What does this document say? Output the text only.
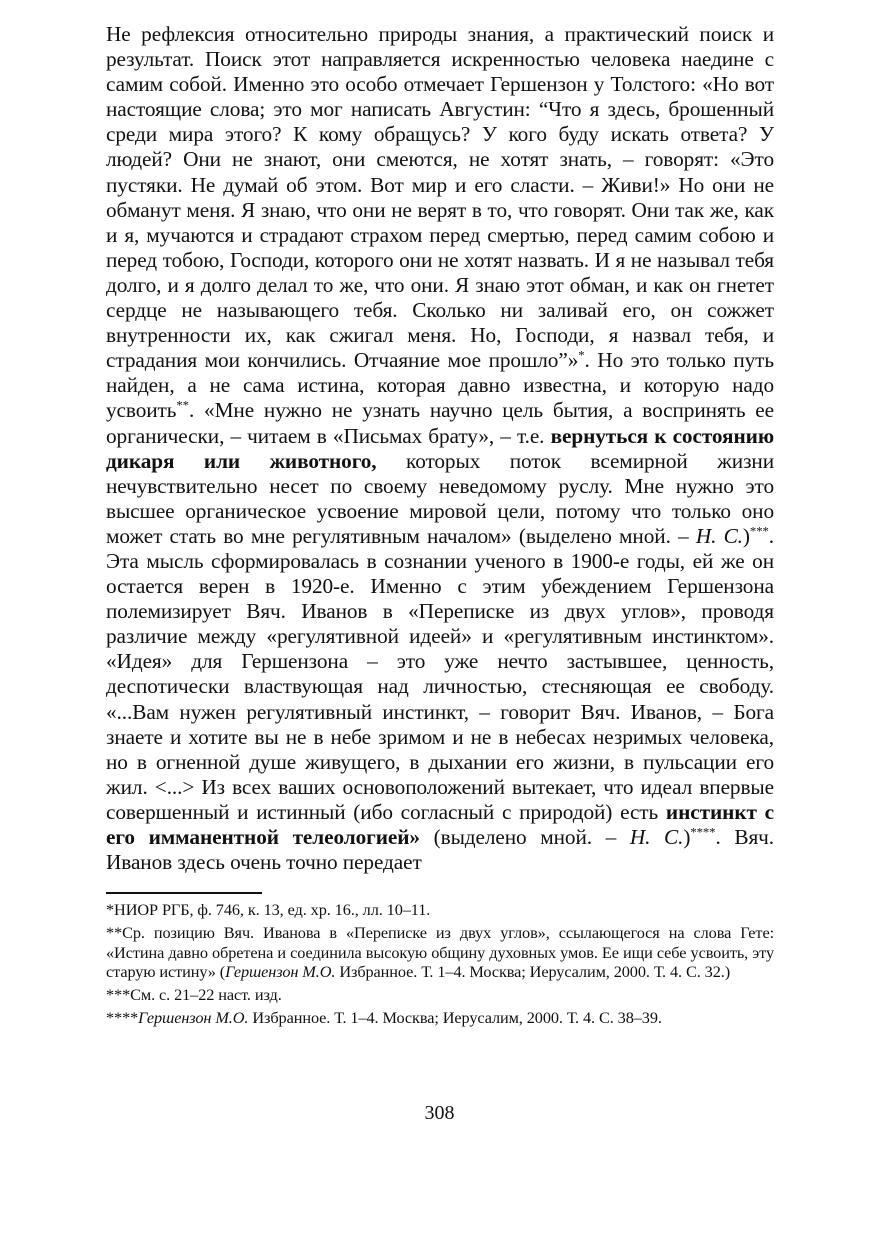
Не рефлексия относительно природы знания, а практический поиск и результат. Поиск этот направляется искренностью человека наедине с самим собой. Именно это особо отмечает Гершензон у Толстого: «Но вот настоящие слова; это мог написать Августин: “Что я здесь, брошенный среди мира этого? К кому обращусь? У кого буду искать ответа? У людей? Они не знают, они смеются, не хотят знать, – говорят: «Это пустяки. Не думай об этом. Вот мир и его сласти. – Живи!» Но они не обманут меня. Я знаю, что они не верят в то, что говорят. Они так же, как и я, мучаются и страдают страхом перед смертью, перед самим собою и перед тобою, Господи, которого они не хотят назвать. И я не называл тебя долго, и я долго делал то же, что они. Я знаю этот обман, и как он гнетет сердце не называющего тебя. Сколько ни заливай его, он сожжет внутренности их, как сжигал меня. Но, Господи, я назвал тебя, и страдания мои кончились. Отчаяние мое прошло”»*. Но это только путь найден, а не сама истина, которая давно известна, и которую надо усвоить**. «Мне нужно не узнать научно цель бытия, а воспринять ее органически, – читаем в «Письмах брату», – т.е. вернуться к состоянию дикаря или животного, которых поток всемирной жизни нечувствительно несет по своему неведомому руслу. Мне нужно это высшее органическое усвоение мировой цели, потому что только оно может стать во мне регулятивным началом» (выделено мной. – Н. С.)***. Эта мысль сформировалась в сознании ученого в 1900-е годы, ей же он остается верен в 1920-е. Именно с этим убеждением Гершензона полемизирует Вяч. Иванов в «Переписке из двух углов», проводя различие между «регулятивной идеей» и «регулятивным инстинктом». «Идея» для Гершензона – это уже нечто застывшее, ценность, деспотически властвующая над личностью, стесняющая ее свободу. «...Вам нужен регулятивный инстинкт, – говорит Вяч. Иванов, – Бога знаете и хотите вы не в небе зримом и не в небесах незримых человека, но в огненной душе живущего, в дыхании его жизни, в пульсации его жил. <...> Из всех ваших основоположений вытекает, что идеал впервые совершенный и истинный (ибо согласный с природой) есть инстинкт с его имманентной телеологией» (выделено мной. – Н. С.)****. Вяч. Иванов здесь очень точно передает

*НИОР РГБ, ф. 746, к. 13, ед. хр. 16., лл. 10–11.

**Ср. позицию Вяч. Иванова в «Переписке из двух углов», ссылающегося на слова Гете: «Истина давно обретена и соединила высокую общину духовных умов. Ее ищи себе усвоить, эту старую истину» (Гершензон М.О. Избранное. Т. 1–4. Москва; Иерусалим, 2000. Т. 4. С. 32.)

***См. с. 21–22 наст. изд.

****Гершензон М.О. Избранное. Т. 1–4. Москва; Иерусалим, 2000. Т. 4. С. 38–39.

308
